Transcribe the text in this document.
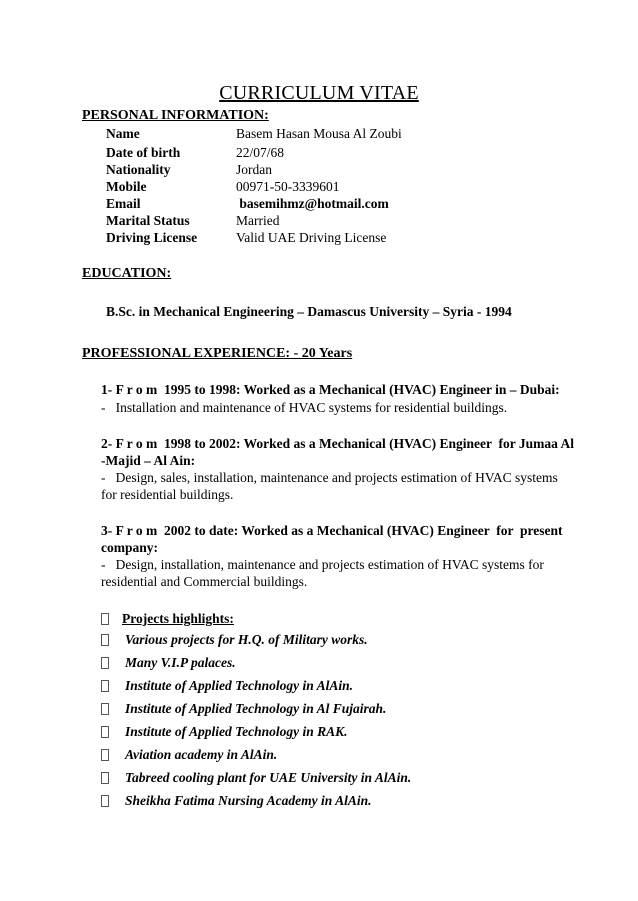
CURRICULUM VITAE
PERSONAL INFORMATION:
Name	Basem Hasan Mousa Al Zoubi
Date of birth	22/07/68
Nationality	Jordan
Mobile	00971-50-3339601
Email	basemihmz@hotmail.com
Marital Status	Married
Driving License	Valid UAE Driving License
EDUCATION:
B.Sc. in Mechanical Engineering – Damascus University – Syria - 1994
PROFESSIONAL EXPERIENCE: - 20 Years
1- F r o m  1995 to 1998: Worked as a Mechanical (HVAC) Engineer in – Dubai:
-   Installation and maintenance of HVAC systems for residential buildings.
2- F r o m  1998 to 2002: Worked as a Mechanical (HVAC) Engineer  for Jumaa Al
-Majid – Al Ain:
-   Design, sales, installation, maintenance and projects estimation of HVAC systems
for residential buildings.
3- F r o m  2002 to date: Worked as a Mechanical (HVAC) Engineer  for  present
company:
-   Design, installation, maintenance and projects estimation of HVAC systems for
residential and Commercial buildings.
Projects highlights:
Various projects for H.Q. of Military works.
Many V.I.P palaces.
Institute of Applied Technology in AlAin.
Institute of Applied Technology in Al Fujairah.
Institute of Applied Technology in RAK.
Aviation academy in AlAin.
Tabreed cooling plant for UAE University in AlAin.
Sheikha Fatima Nursing Academy in AlAin.
